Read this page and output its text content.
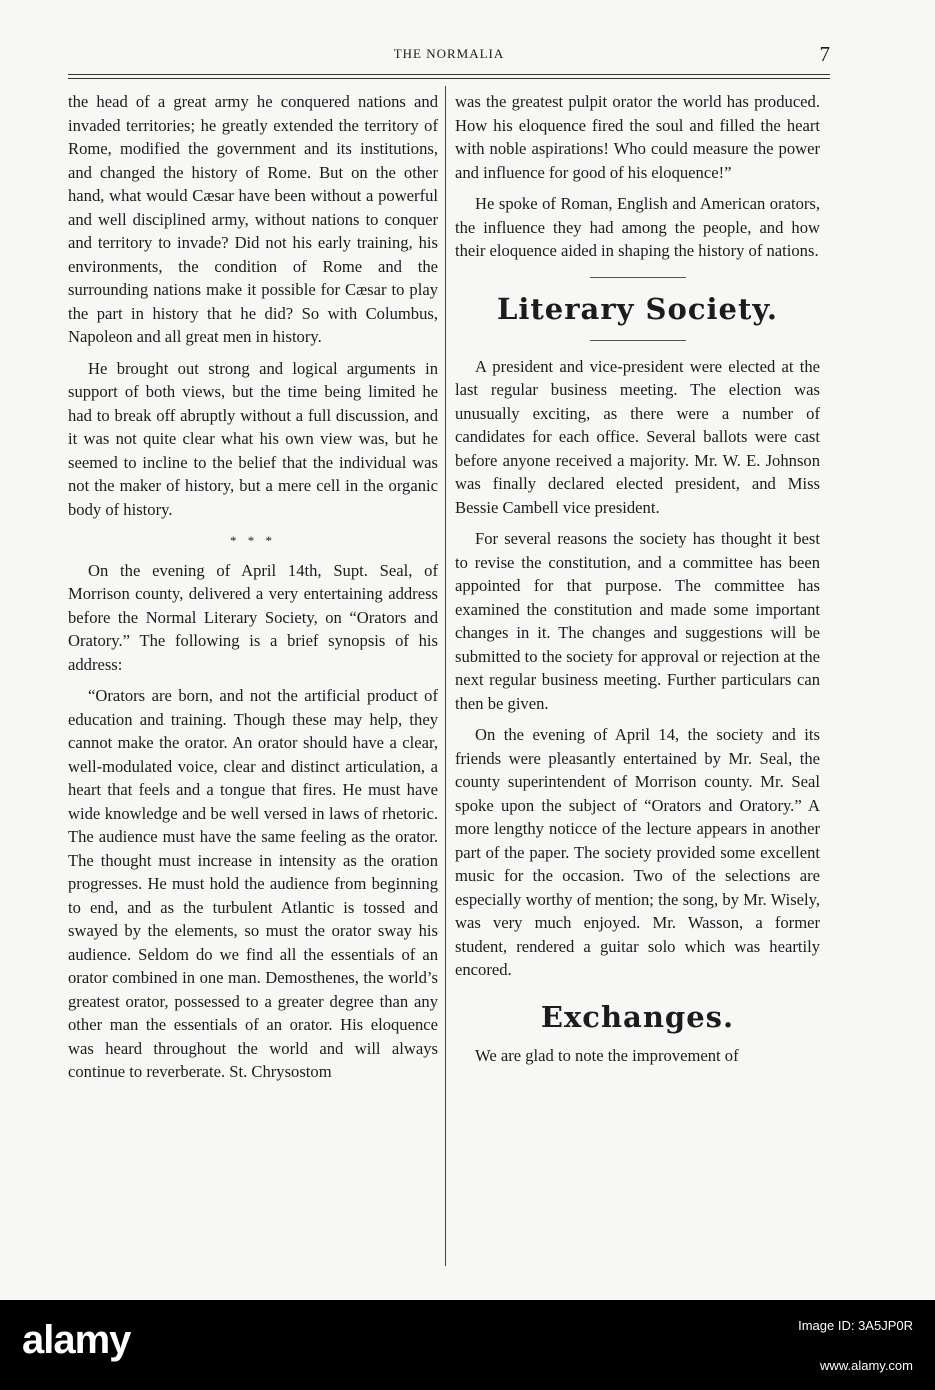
THE NORMALIA	7

the head of a great army he conquered nations and invaded territories; he greatly extended the territory of Rome, modified the government and its institutions, and changed the history of Rome. But on the other hand, what would Cæsar have been without a powerful and well disciplined army, without nations to conquer and territory to invade? Did not his early training, his environments, the condition of Rome and the surrounding nations make it possible for Cæsar to play the part in history that he did? So with Columbus, Napoleon and all great men in history.

He brought out strong and logical arguments in support of both views, but the time being limited he had to break off abruptly without a full discussion, and it was not quite clear what his own view was, but he seemed to incline to the belief that the individual was not the maker of history, but a mere cell in the organic body of history.

* * *

On the evening of April 14th, Supt. Seal, of Morrison county, delivered a very entertaining address before the Normal Literary Society, on “Orators and Oratory.” The following is a brief synopsis of his address:

“Orators are born, and not the artificial product of education and training. Though these may help, they cannot make the orator. An orator should have a clear, well-modulated voice, clear and distinct articulation, a heart that feels and a tongue that fires. He must have wide knowledge and be well versed in laws of rhetoric. The audience must have the same feeling as the orator. The thought must increase in intensity as the oration progresses. He must hold the audience from beginning to end, and as the turbulent Atlantic is tossed and swayed by the elements, so must the orator sway his audience. Seldom do we find all the essentials of an orator combined in one man. Demosthenes, the world’s greatest orator, possessed to a greater degree than any other man the essentials of an orator. His eloquence was heard throughout the world and will always continue to reverberate. St. Chrysostom

was the greatest pulpit orator the world has produced. How his eloquence fired the soul and filled the heart with noble aspirations! Who could measure the power and influence for good of his eloquence!”

He spoke of Roman, English and American orators, the influence they had among the people, and how their eloquence aided in shaping the history of nations.

Literary Society.

A president and vice-president were elected at the last regular business meeting. The election was unusually exciting, as there were a number of candidates for each office. Several ballots were cast before anyone received a majority. Mr. W. E. Johnson was finally declared elected president, and Miss Bessie Cambell vice president.

For several reasons the society has thought it best to revise the constitution, and a committee has been appointed for that purpose. The committee has examined the constitution and made some important changes in it. The changes and suggestions will be submitted to the society for approval or rejection at the next regular business meeting. Further particulars can then be given.

On the evening of April 14, the society and its friends were pleasantly entertained by Mr. Seal, the county superintendent of Morrison county. Mr. Seal spoke upon the subject of “Orators and Oratory.” A more lengthy noticce of the lecture appears in another part of the paper. The society provided some excellent music for the occasion. Two of the selections are especially worthy of mention; the song, by Mr. Wisely, was very much enjoyed. Mr. Wasson, a former student, rendered a guitar solo which was heartily encored.

Exchanges.

We are glad to note the improvement of

alamy	Image ID: 3A5JP0R
www.alamy.com
